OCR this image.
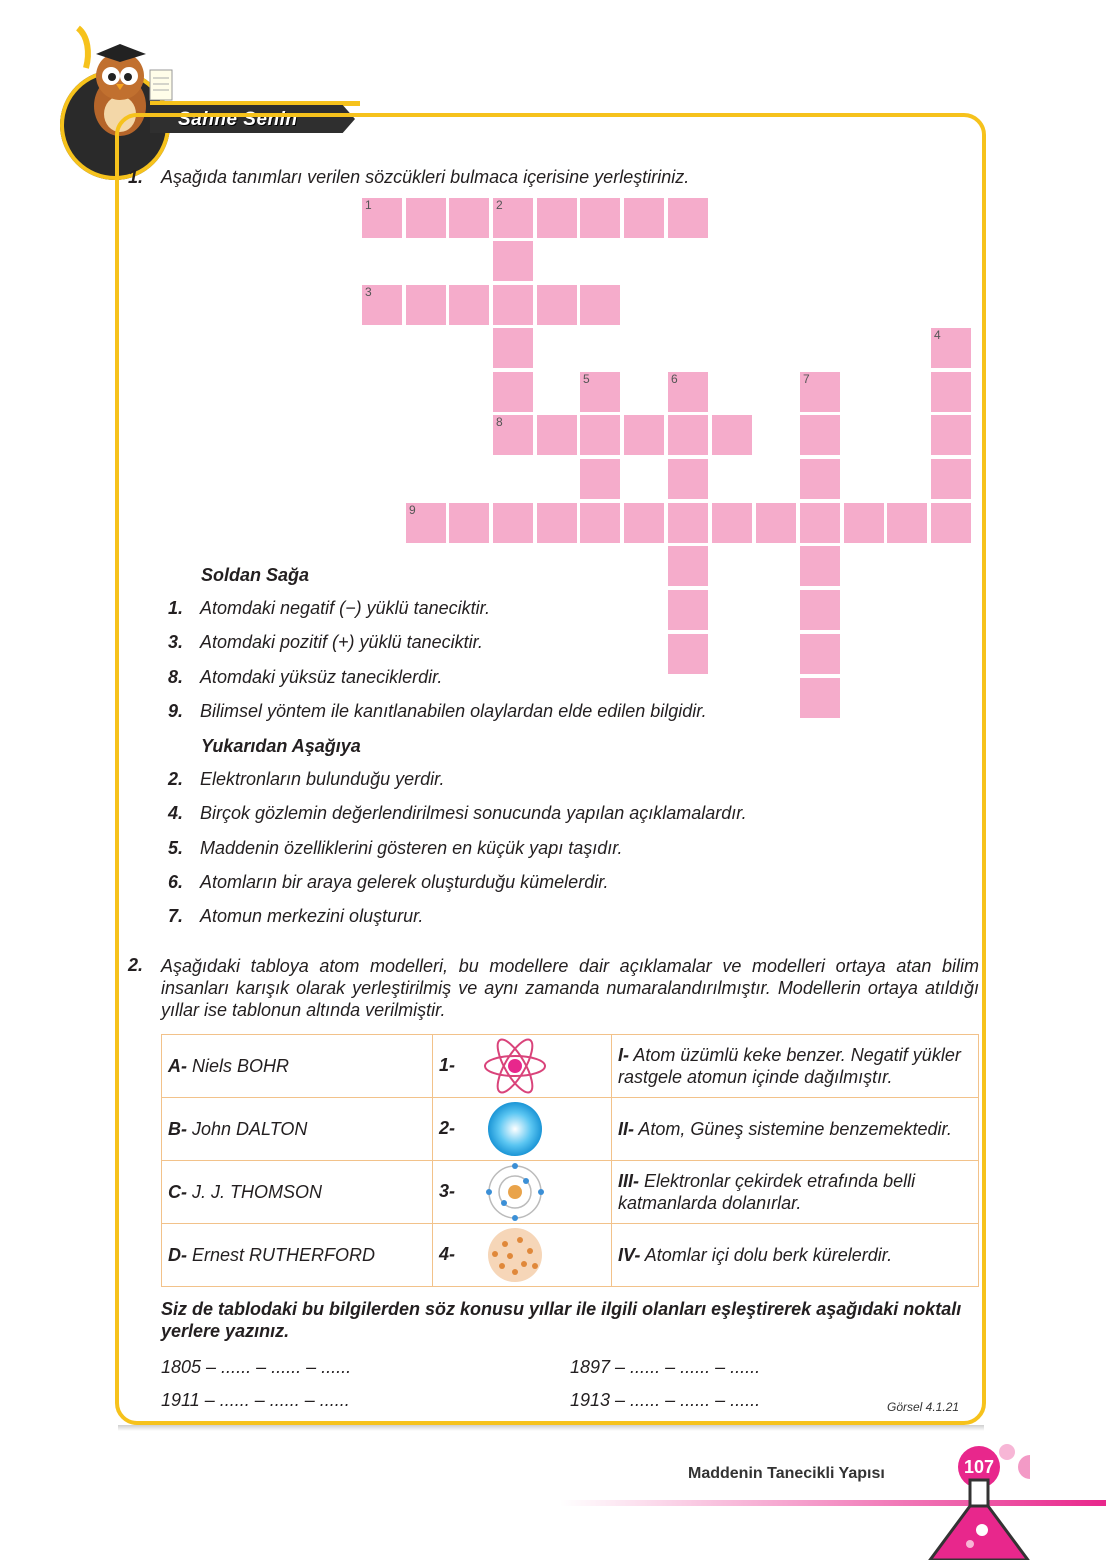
Sahne Senin
1. Aşağıda tanımları verilen sözcükleri bulmaca içerisine yerleştiriniz.
1	2
3
4
5	6	7
8
9
Soldan Sağa
1. Atomdaki negatif (−) yüklü taneciktir.
3. Atomdaki pozitif (+) yüklü taneciktir.
8. Atomdaki yüksüz taneciklerdir.
9. Bilimsel yöntem ile kanıtlanabilen olaylardan elde edilen bilgidir.
Yukarıdan Aşağıya
2. Elektronların bulunduğu yerdir.
4. Birçok gözlemin değerlendirilmesi sonucunda yapılan açıklamalardır.
5. Maddenin özelliklerini gösteren en küçük yapı taşıdır.
6. Atomların bir araya gelerek oluşturduğu kümelerdir.
7. Atomun merkezini oluşturur.
2. Aşağıdaki tabloya atom modelleri, bu modellere dair açıklamalar ve modelleri ortaya atan bilim insanları karışık olarak yerleştirilmiş ve aynı zamanda numaralandırılmıştır. Modellerin ortaya atıldığı yıllar ise tablonun altında verilmiştir.
A- Niels BOHR	1-	I- Atom üzümlü keke benzer. Negatif yükler rastgele atomun içinde dağılmıştır.
B- John DALTON	2-	II- Atom, Güneş sistemine benzemektedir.
C- J. J. THOMSON	3-	III- Elektronlar çekirdek etrafında belli katmanlarda dolanırlar.
D- Ernest RUTHERFORD	4-	IV- Atomlar içi dolu berk kürelerdir.
Siz de tablodaki bu bilgilerden söz konusu yıllar ile ilgili olanları eşleştirerek aşağıdaki noktalı yerlere yazınız.
1805 – ...... – ...... – ......	1897 – ...... – ...... – ......
1911 – ...... – ...... – ......	1913 – ...... – ...... – ......	Görsel 4.1.21
Maddenin Tanecikli Yapısı	107
